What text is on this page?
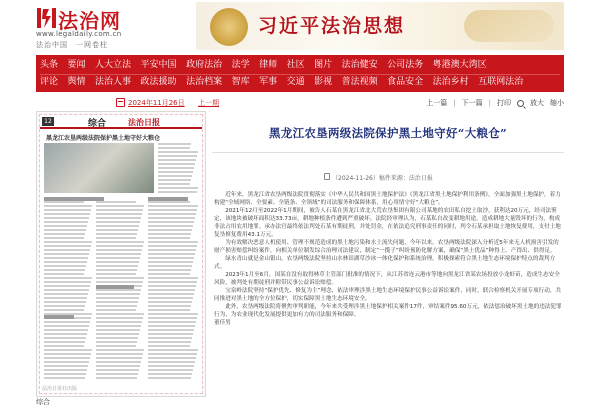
法治网
www.legaldaily.com.cn
法治中国　一网卷柱
习近平法治思想
头条 要闻 人大立法 平安中国 政府法治 法学 律师 社区 图片 法治健安 公司法务 粤港澳大湾区
评论 舆情 法治人事 政法援助 法治档案 智库 军事 交通 影视 普法视频 食品安全 法治乡村 互联网法治
2024年11月26日 上一期
12	综合	法治日报
黑龙江农垦两级法院保护黑土地守好大粮仓
法治日报社出版
综合
上一篇 | 下一篇 | 打印	放大 缩小
黑龙江农垦两级法院保护黑土地守好“大粮仓”
（2024-11-26）稿件来源：法治日报

近年来，黑龙江省农垦两级法院贯彻落实《中华人民共和国黑土地保护法》《黑龙江省黑土地保护利用条例》，全面加强黑土地保护，着力构建“全域网络、全要素、全链条、全领域”的司法服务和保障体系，用心用情守好“大粮仓”。

2021年12月至2022年1月期间，被告人石某在黑龙江省北大荒农垦集团有限公司某地的农田私自挖土取沙，获利达20万元，经司法鉴定，该地块被破坏面积达33.73亩，耕地种植条件遭到严重破坏。法院经审理认为，石某私自改变耕地用途，造成耕地大量毁坏的行为，构成非法占用农用地罪。承办法官最终依法判处石某有期徒刑，并处罚金，在依法追究刑事责任的同时，判令石某承担取土地恢复费用，支付土地复垦修复费用43.1万元。

为有效解决恶意人机使用、管理不规范造成的黑土地污染和水土流失问题，今年以来，农垦两级法院深入分析近5年来无人机损害引发的财产损害赔偿纠纷案件，向相关单位制发综合治理司法建议，制定“一揽子”纠纷预防化解方案，确保“黑土优品”种得上、产得出、供得足。

绿水青山就是金山银山。农垦两级法院坚持山水林田湖草沙冰一体化保护和系统治理，积极探索符合黑土地生态环境保护特点的裁判方式。

2023年1月至6月，国某在没有取得林草主管部门批准的情况下，从江苏省连云港市等地向黑龙江省某农场投放小龙虾苗，造成生态安全风险，被判处有期徒刑并附带民事公益诉讼赔偿。

宝泉岭法院坚持“保护优先、修复为主”理念，依法审理涉黑土地生态环境保护民事公益诉讼案件，同时，联合检察机关开展专项行动，共同推进对黑土地的全方位保护，切实保障黑土地生态环境安全。

此外，农垦两级法院将聚焦审判职能，今年来共受理涉黑土地保护相关案件17件，审结案件95.60万元，依法惩治破坏黑土地的违法犯罪行为，为农业现代化发展提供更加有力的司法服务和保障。

董佳男
